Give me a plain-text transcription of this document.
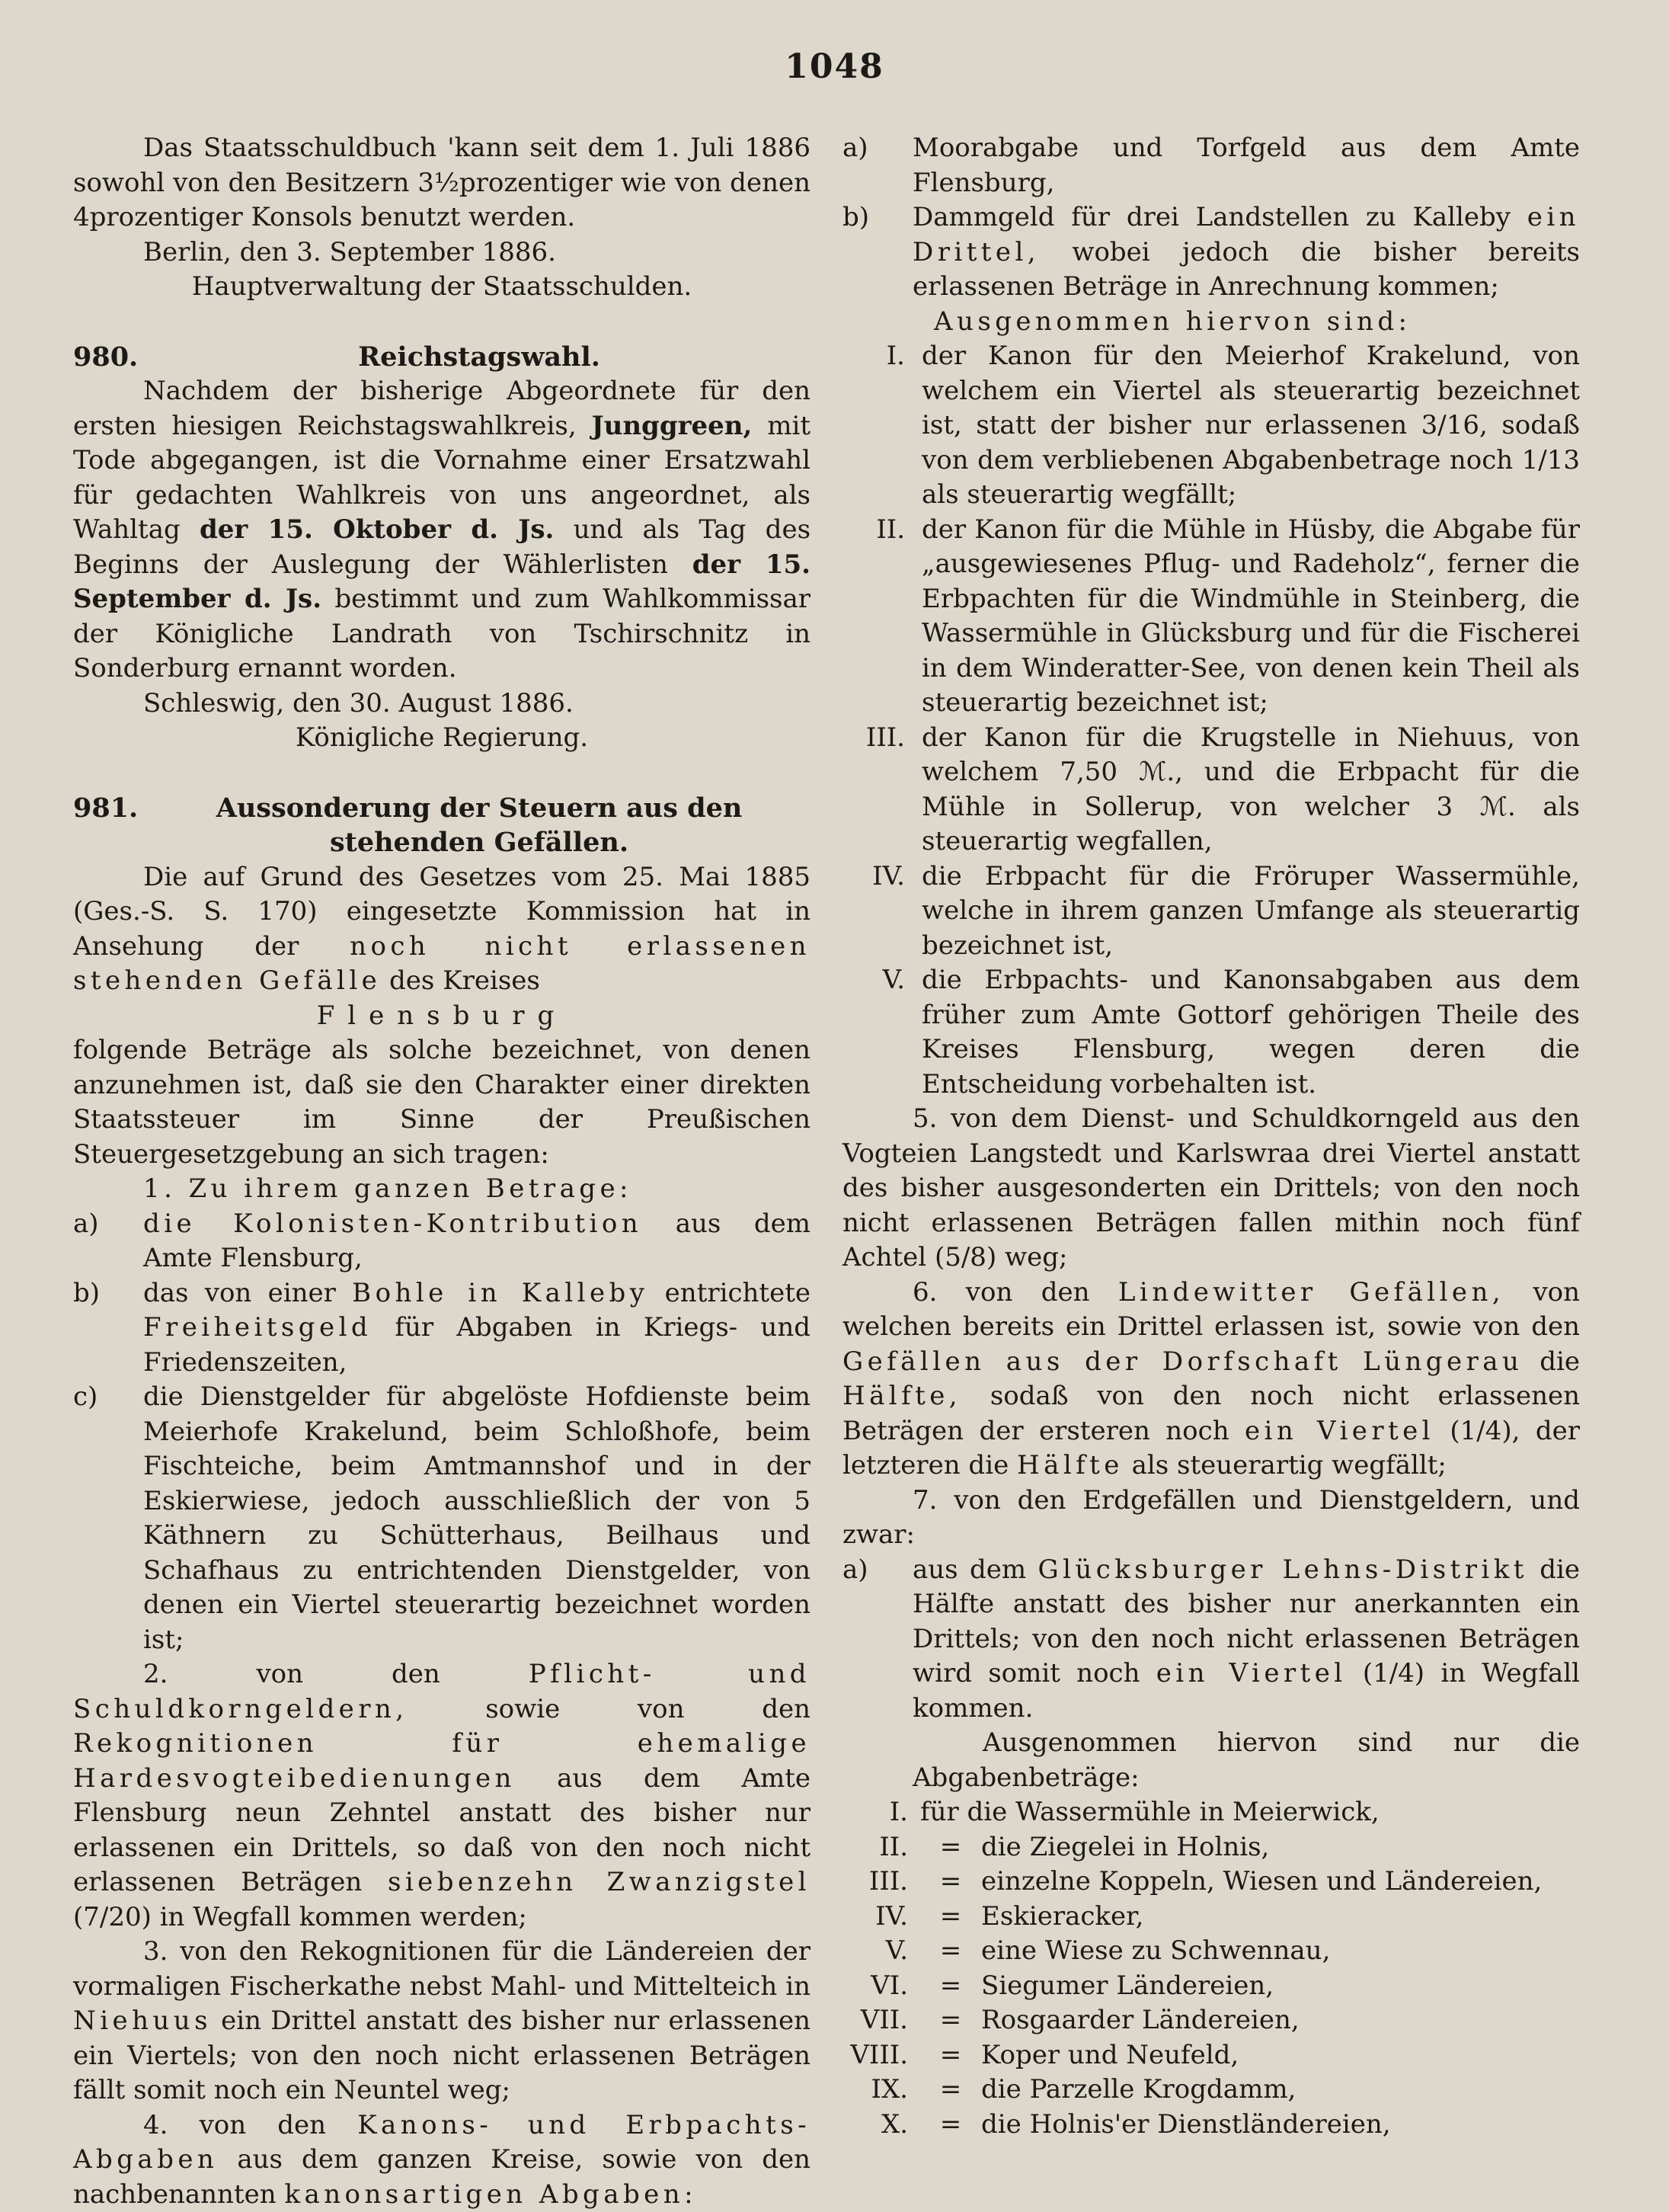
1048

Das Staatsschuldbuch 'kann seit dem 1. Juli 1886 sowohl von den Besitzern 3½prozentiger wie von denen 4prozentiger Konsols benutzt werden.

Berlin, den 3. September 1886.

Hauptverwaltung der Staatsschulden.

980.	Reichstagswahl.

Nachdem der bisherige Abgeordnete für den ersten hiesigen Reichstagswahlkreis, Junggreen, mit Tode abgegangen, ist die Vornahme einer Ersatzwahl für gedachten Wahlkreis von uns angeordnet, als Wahltag der 15. Oktober d. Js. und als Tag des Beginns der Auslegung der Wählerlisten der 15. September d. Js. bestimmt und zum Wahlkommissar der Königliche Landrath von Tschirschnitz in Sonderburg ernannt worden.

Schleswig, den 30. August 1886.

Königliche Regierung.

981.	Aussonderung der Steuern aus den stehenden Gefällen.

Die auf Grund des Gesetzes vom 25. Mai 1885 (Ges.-S. S. 170) eingesetzte Kommission hat in Ansehung der noch nicht erlassenen stehenden Gefälle des Kreises

Flensburg

folgende Beträge als solche bezeichnet, von denen anzunehmen ist, daß sie den Charakter einer direkten Staatssteuer im Sinne der Preußischen Steuergesetzgebung an sich tragen:

1. Zu ihrem ganzen Betrage:

a)	die Kolonisten-Kontribution aus dem Amte Flensburg,
b)	das von einer Bohle in Kalleby entrichtete Freiheitsgeld für Abgaben in Kriegs- und Friedenszeiten,
c)	die Dienstgelder für abgelöste Hofdienste beim Meierhofe Krakelund, beim Schloßhofe, beim Fischteiche, beim Amtmannshof und in der Eskierwiese, jedoch ausschließlich der von 5 Käthnern zu Schütterhaus, Beilhaus und Schafhaus zu entrichtenden Dienstgelder, von denen ein Viertel steuerartig bezeichnet worden ist;

2. von den	Pflicht- und Schuldkorngeldern,	sowie von den Rekognitionen für ehemalige Hardesvogteibedienungen aus dem Amte Flensburg neun Zehntel anstatt des bisher nur erlassenen ein Drittels, so daß von den noch nicht erlassenen Beträgen siebenzehn Zwanzigstel (7/20) in Wegfall kommen werden;

3. von den Rekognitionen für die Ländereien der vormaligen Fischerkathe nebst Mahl- und Mittelteich in Niehuus ein Drittel anstatt des bisher nur erlassenen ein Viertels; von den noch nicht erlassenen Beträgen fällt somit noch ein Neuntel weg;

4. von den Kanons- und Erbpachts-Abgaben aus dem ganzen Kreise, sowie von den nachbenannten kanonsartigen Abgaben:

a)	Moorabgabe und Torfgeld aus dem Amte Flensburg,
b)	Dammgeld für drei Landstellen zu Kalleby ein Drittel, wobei jedoch die bisher bereits erlassenen Beträge in Anrechnung kommen;

Ausgenommen hiervon sind:

I. der Kanon für den Meierhof Krakelund, von welchem ein Viertel als steuerartig bezeichnet ist, statt der bisher nur erlassenen 3/16, sodaß von dem verbliebenen Abgabenbetrage noch 1/13 als steuerartig wegfällt;
II. der Kanon für die Mühle in Hüsby, die Abgabe für „ausgewiesenes Pflug- und Radeholz“, ferner die Erbpachten für die Windmühle in Steinberg, die Wassermühle in Glücksburg und für die Fischerei in dem Winderatter-See, von denen kein Theil als steuerartig bezeichnet ist;
III. der Kanon für die Krugstelle in Niehuus, von welchem 7,50 ℳ., und die Erbpacht für die Mühle in Sollerup, von welcher 3 ℳ. als steuerartig wegfallen,
IV. die Erbpacht für die Fröruper Wassermühle, welche in ihrem ganzen Umfange als steuerartig bezeichnet ist,
V. die Erbpachts- und Kanonsabgaben aus dem früher zum Amte Gottorf gehörigen Theile des Kreises Flensburg, wegen deren die Entscheidung vorbehalten ist.

5. von dem Dienst- und Schuldkorngeld aus den Vogteien Langstedt und Karlswraa drei Viertel anstatt des bisher ausgesonderten ein Drittels; von den noch nicht erlassenen Beträgen fallen mithin noch fünf Achtel (5/8) weg;

6. von den Lindewitter Gefällen, von welchen bereits ein Drittel erlassen ist, sowie von den Gefällen aus der Dorfschaft Lüngerau die Hälfte, sodaß von den noch nicht erlassenen Beträgen der ersteren noch ein Viertel (1/4), der letzteren die Hälfte als steuerartig wegfällt;

7. von den Erdgefällen und Dienstgeldern, und zwar:

a)	aus dem Glücksburger Lehns-Distrikt die Hälfte anstatt des bisher nur anerkannten ein Drittels; von den noch nicht erlassenen Beträgen wird somit noch ein Viertel (1/4) in Wegfall kommen.

Ausgenommen hiervon sind nur die Abgabenbeträge:

I. für die Wassermühle in Meierwick,
II.	= die Ziegelei in Holnis,
III.	= einzelne Koppeln, Wiesen und Ländereien,
IV.	= Eskieracker,
V.	= eine Wiese zu Schwennau,
VI.	= Siegumer Ländereien,
VII.	= Rosgaarder Ländereien,
VIII.	= Koper und Neufeld,
IX.	= die Parzelle Krogdamm,
X.	= die Holnis'er Dienstländereien,
